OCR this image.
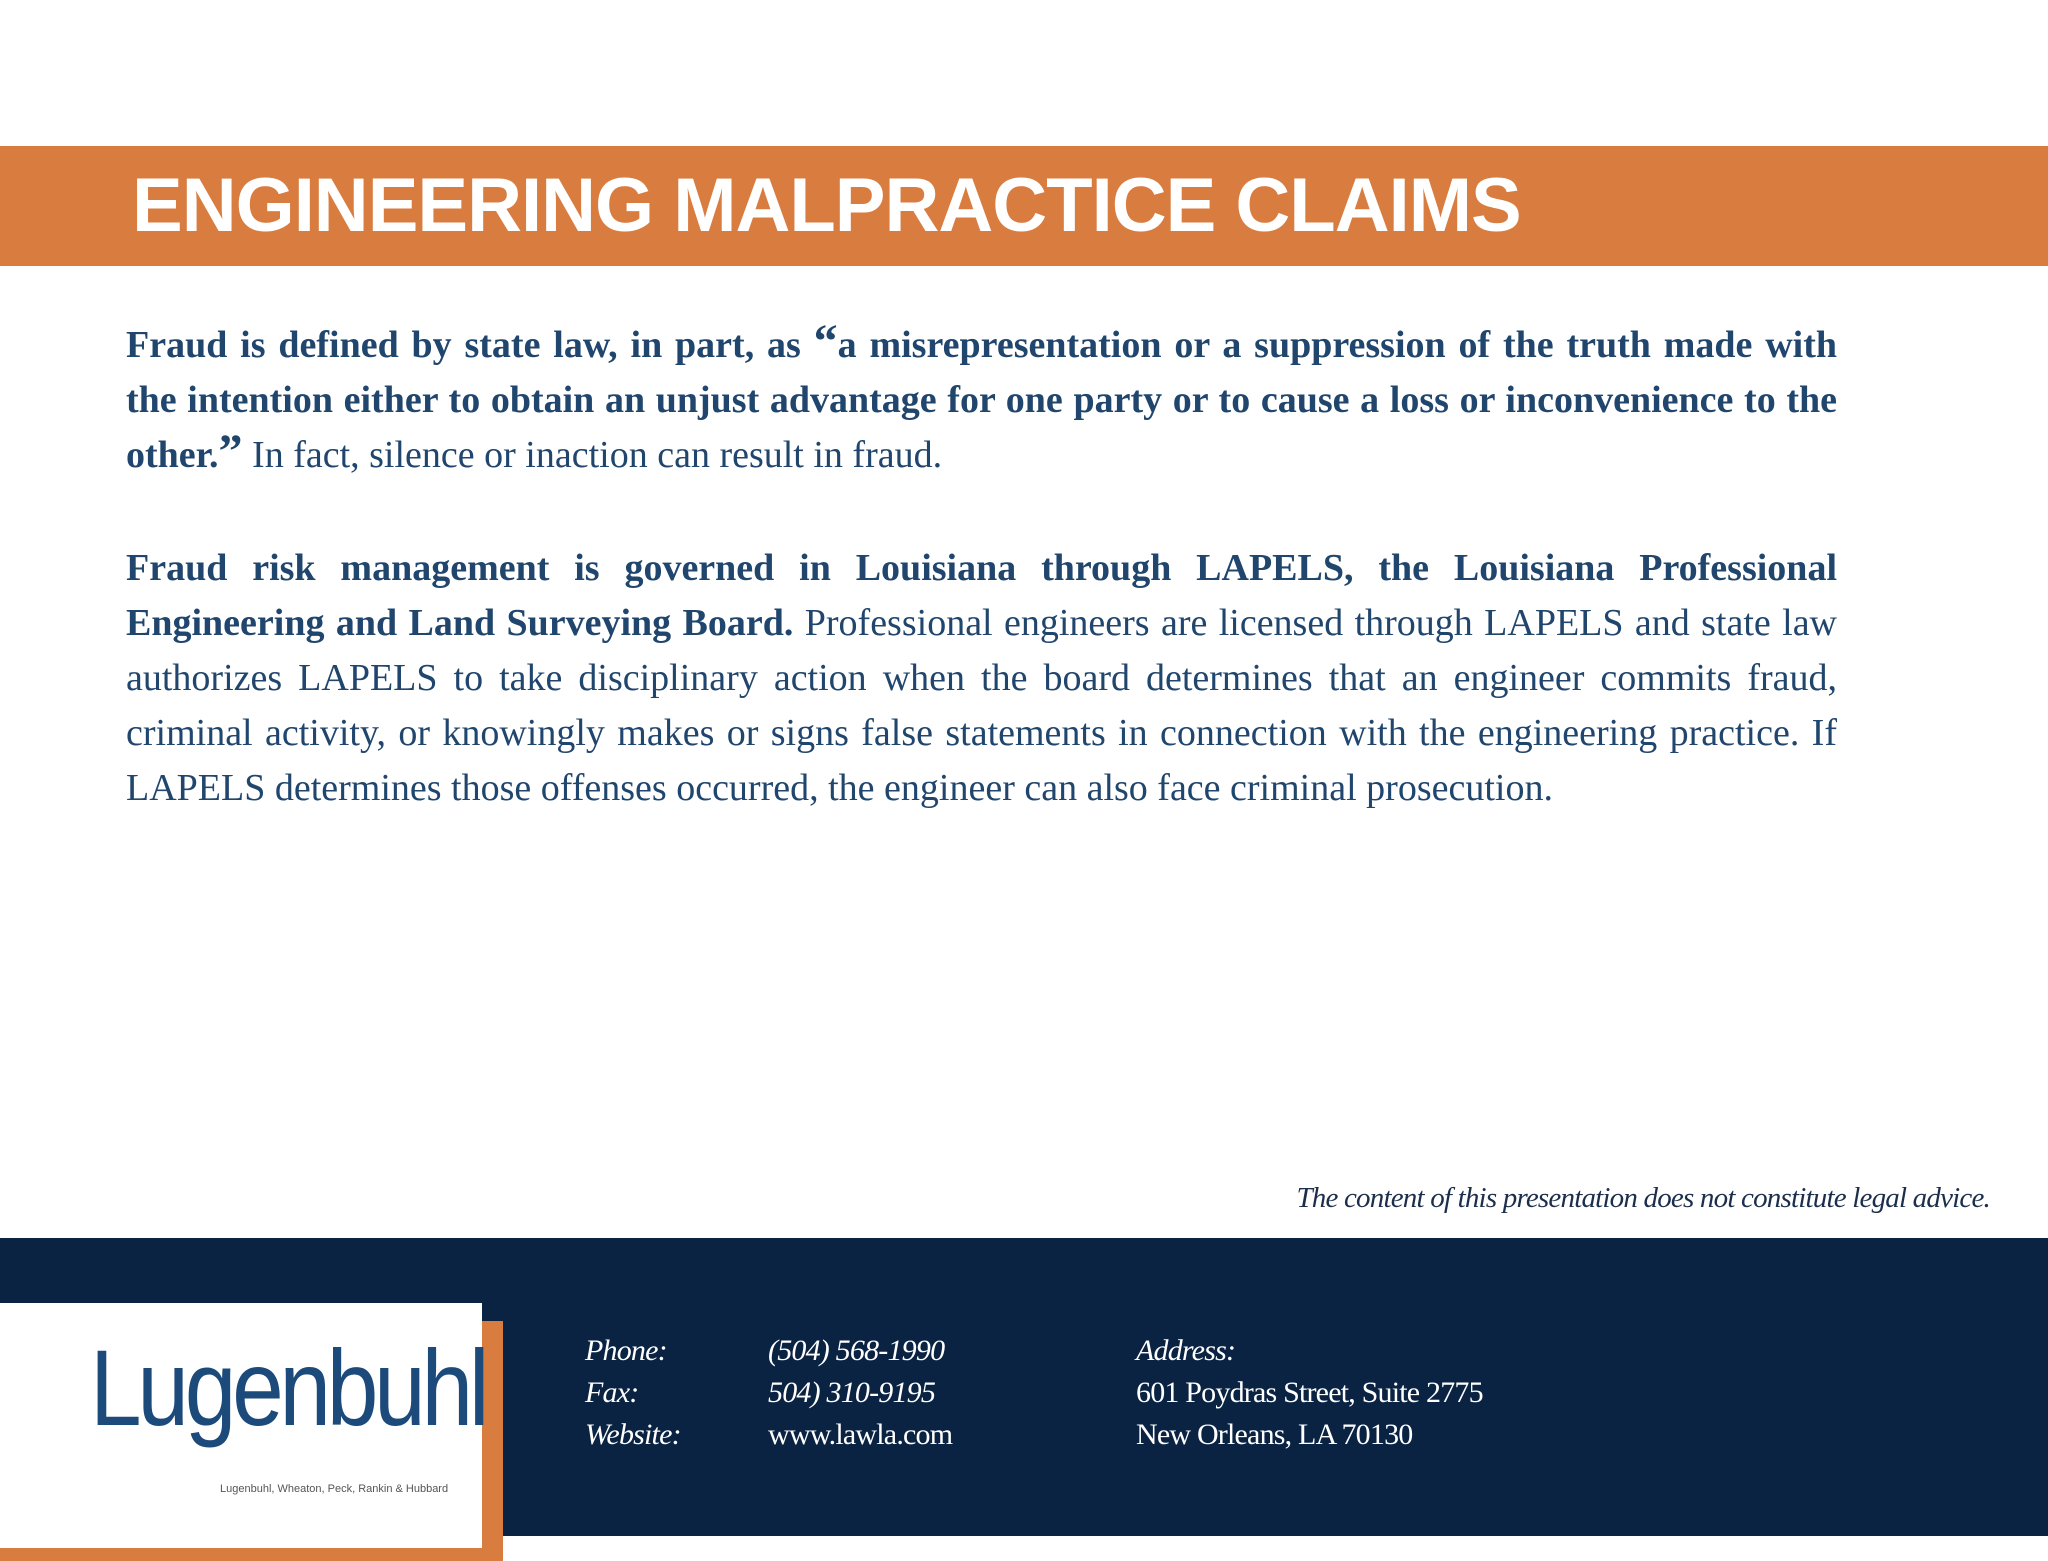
ENGINEERING MALPRACTICE CLAIMS

Fraud is defined by state law, in part, as “a misrepresentation or a suppression of the truth made with the intention either to obtain an unjust advantage for one party or to cause a loss or inconvenience to the other.” In fact, silence or inaction can result in fraud.

Fraud risk management is governed in Louisiana through LAPELS, the Louisiana Professional Engineering and Land Surveying Board. Professional engineers are licensed through LAPELS and state law authorizes LAPELS to take disciplinary action when the board determines that an engineer commits fraud, criminal activity, or knowingly makes or signs false statements in connection with the engineering practice. If LAPELS determines those offenses occurred, the engineer can also face criminal prosecution.

The content of this presentation does not constitute legal advice.
Lugenbuhl
Lugenbuhl, Wheaton, Peck, Rankin & Hubbard
Phone:	(504) 568-1990
Fax:	504) 310-9195
Website:	www.lawla.com
Address:
601 Poydras Street, Suite 2775
New Orleans, LA 70130
